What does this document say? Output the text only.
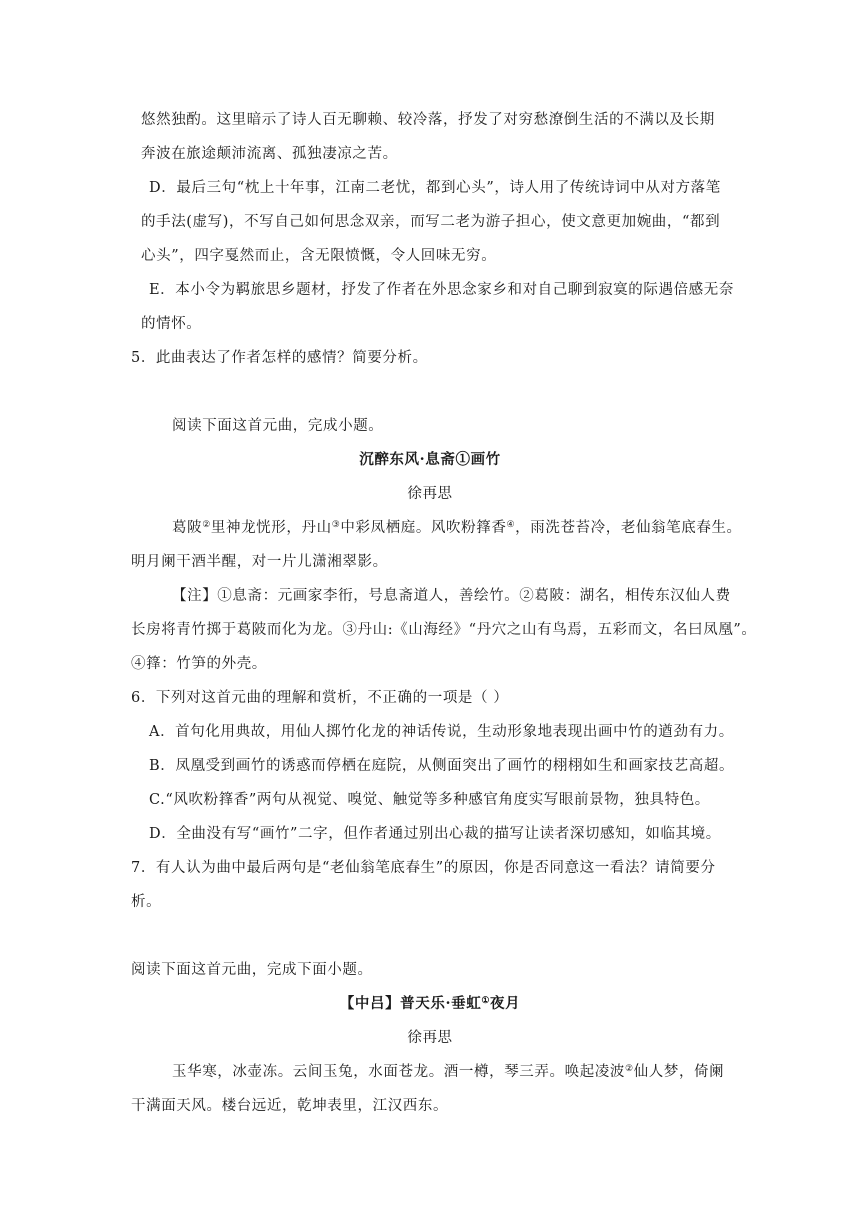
悠然独酌。这里暗示了诗人百无聊赖、较冷落，抒发了对穷愁潦倒生活的不满以及长期
奔波在旅途颠沛流离、孤独凄凉之苦。
D．最后三句“枕上十年事，江南二老忧，都到心头”，诗人用了传统诗词中从对方落笔
的手法(虚写)，不写自己如何思念双亲，而写二老为游子担心，使文意更加婉曲，“都到
心头”，四字戛然而止，含无限愤慨，令人回味无穷。
E．本小令为羁旅思乡题材，抒发了作者在外思念家乡和对自己聊到寂寞的际遇倍感无奈
的情怀。
5．此曲表达了作者怎样的感情？简要分析。
阅读下面这首元曲，完成小题。
沉醉东风·息斋①画竹
徐再思
葛陂②里神龙恍形，丹山③中彩凤栖庭。风吹粉箨香④，雨洗苍苔冷，老仙翁笔底春生。
明月阑干酒半醒，对一片儿潇湘翠影。
【注】①息斋：元画家李衎，号息斋道人，善绘竹。②葛陂：湖名，相传东汉仙人费
长房将青竹掷于葛陂而化为龙。③丹山:《山海经》“丹穴之山有鸟焉，五彩而文，名曰凤凰”。
④箨：竹笋的外壳。
6．下列对这首元曲的理解和赏析，不正确的一项是（ ）
A．首句化用典故，用仙人掷竹化龙的神话传说，生动形象地表现出画中竹的遒劲有力。
B．凤凰受到画竹的诱惑而停栖在庭院，从侧面突出了画竹的栩栩如生和画家技艺高超。
C.“风吹粉箨香”两句从视觉、嗅觉、触觉等多种感官角度实写眼前景物，独具特色。
D．全曲没有写“画竹”二字，但作者通过别出心裁的描写让读者深切感知，如临其境。
7．有人认为曲中最后两句是“老仙翁笔底春生”的原因，你是否同意这一看法？请简要分
析。
阅读下面这首元曲，完成下面小题。
【中吕】普天乐·垂虹①夜月
徐再思
玉华寒，冰壶冻。云间玉兔，水面苍龙。酒一樽，琴三弄。唤起凌波②仙人梦，倚阑
干满面天风。楼台远近，乾坤表里，江汉西东。
